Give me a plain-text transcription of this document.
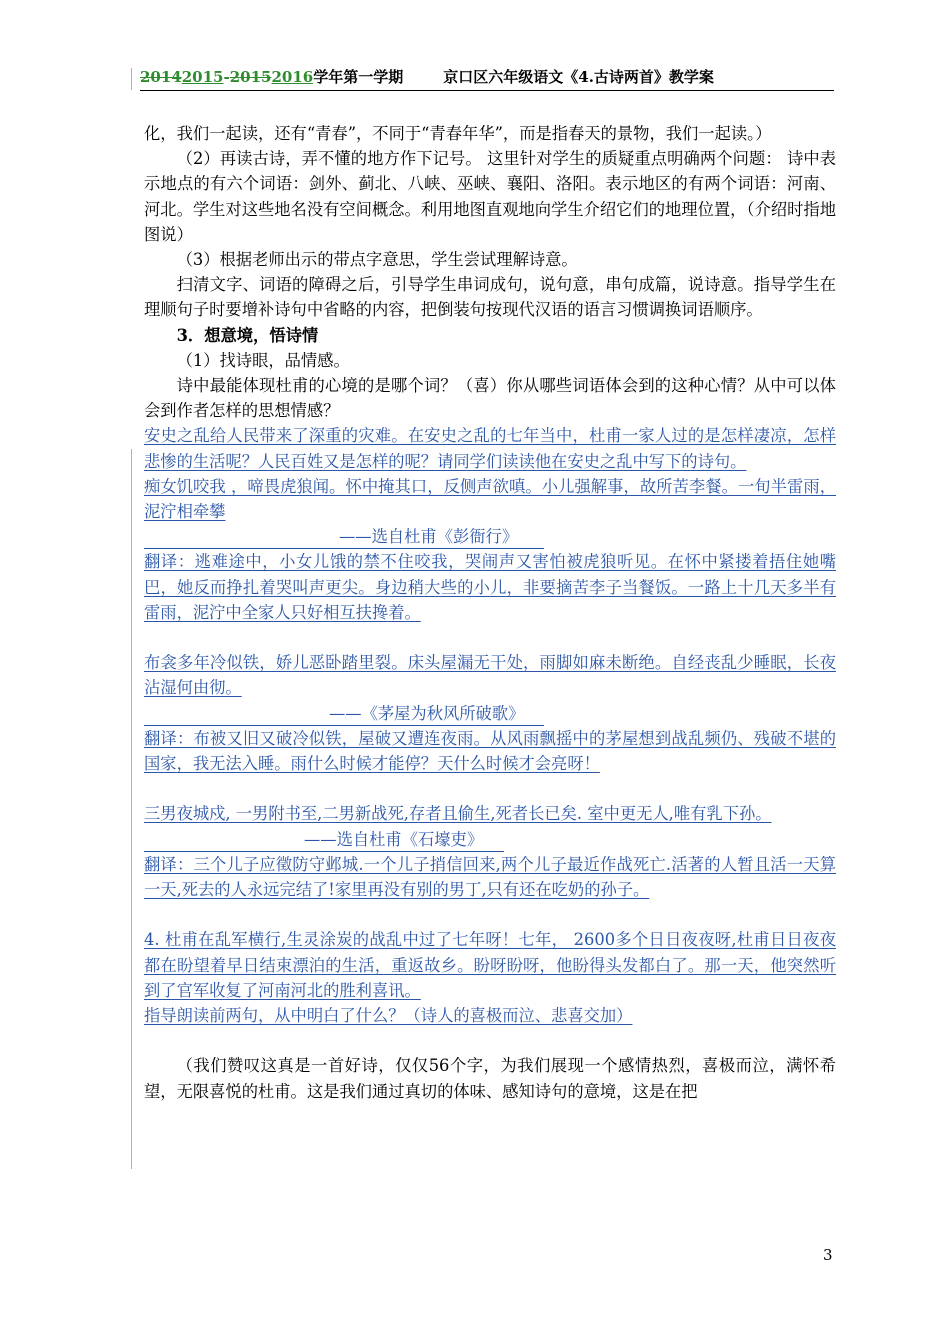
20142015-20152016学年第一学期	京口区六年级语文《4.古诗两首》教学案

化，我们一起读，还有“青春”，不同于“青春年华”，而是指春天的景物，我们一起读。）

（2）再读古诗，弄不懂的地方作下记号。 这里针对学生的质疑重点明确两个问题： 诗中表示地点的有六个词语：剑外、蓟北、八峡、巫峡、襄阳、洛阳。表示地区的有两个词语：河南、河北。学生对这些地名没有空间概念。利用地图直观地向学生介绍它们的地理位置，（介绍时指地图说）

（3）根据老师出示的带点字意思，学生尝试理解诗意。

扫清文字、词语的障碍之后，引导学生串词成句，说句意，串句成篇，说诗意。指导学生在理顺句子时要增补诗句中省略的内容，把倒装句按现代汉语的语言习惯调换词语顺序。

3．想意境，悟诗情

（1）找诗眼，品情感。

诗中最能体现杜甫的心境的是哪个词？（喜）你从哪些词语体会到的这种心情？从中可以体会到作者怎样的思想情感？

安史之乱给人民带来了深重的灾难。在安史之乱的七年当中，杜甫一家人过的是怎样凄凉，怎样悲惨的生活呢？人民百姓又是怎样的呢？请同学们读读他在安史之乱中写下的诗句。

痴女饥咬我 ，啼畏虎狼闻。怀中掩其口，反侧声欲嗔。小儿强解事，故所苦李餐。一旬半雷雨，泥泞相牵攀

——选自杜甫《彭衙行》

翻译：逃难途中，小女儿饿的禁不住咬我，哭闹声又害怕被虎狼听见。在怀中紧搂着捂住她嘴巴，她反而挣扎着哭叫声更尖。身边稍大些的小儿，非要摘苦李子当餐饭。一路上十几天多半有雷雨，泥泞中全家人只好相互扶搀着。

布衾多年冷似铁，娇儿恶卧踏里裂。床头屋漏无干处，雨脚如麻未断绝。自经丧乱少睡眠，长夜沾湿何由彻。

——《茅屋为秋风所破歌》

翻译：布被又旧又破冷似铁，屋破又遭连夜雨。从风雨飘摇中的茅屋想到战乱频仍、残破不堪的国家，我无法入睡。雨什么时候才能停？天什么时候才会亮呀！

三男夜城戍, 一男附书至,二男新战死,存者且偷生,死者长已矣. 室中更无人,唯有乳下孙。

——选自杜甫《石壕吏》

翻译：三个儿子应徵防守邺城.一个儿子捎信回来,两个儿子最近作战死亡.活著的人暂且活一天算一天,死去的人永远完结了!家里再没有别的男丁,只有还在吃奶的孙子。

4. 杜甫在乱军横行,生灵涂炭的战乱中过了七年呀！七年， 2600多个日日夜夜呀,杜甫日日夜夜都在盼望着早日结束漂泊的生活，重返故乡。盼呀盼呀，他盼得头发都白了。那一天，他突然听到了官军收复了河南河北的胜利喜讯。

指导朗读前两句，从中明白了什么？（诗人的喜极而泣、悲喜交加）

（我们赞叹这真是一首好诗，仅仅56个字，为我们展现一个感情热烈，喜极而泣，满怀希望，无限喜悦的杜甫。这是我们通过真切的体味、感知诗句的意境，这是在把

3
